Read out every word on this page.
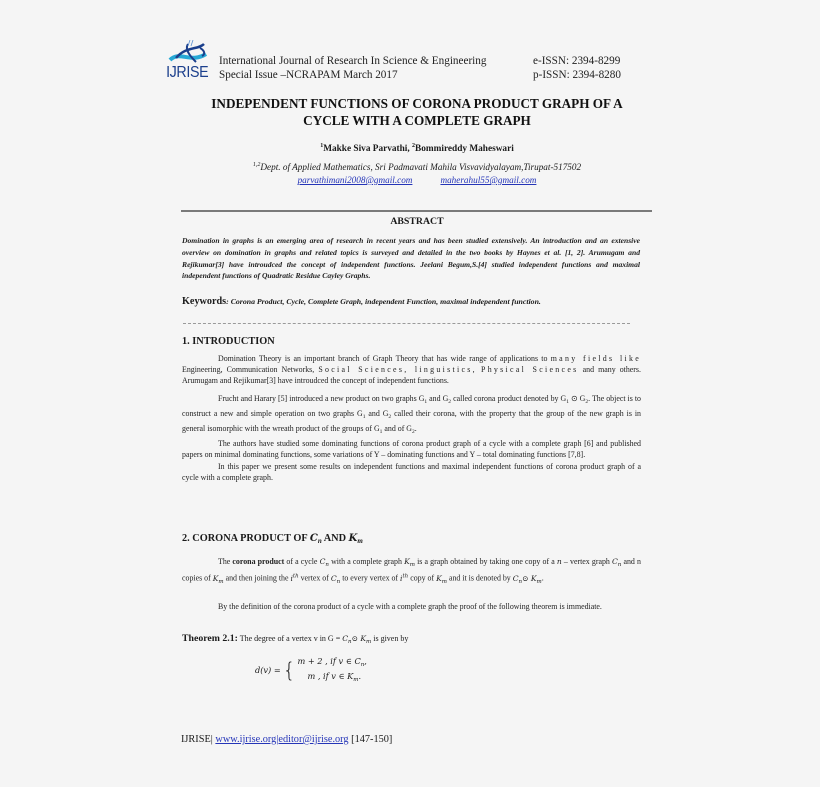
IJRISE
International Journal of Research In Science & Engineering
Special Issue –NCRAPAM March 2017
e-ISSN: 2394-8299
p-ISSN: 2394-8280
INDEPENDENT FUNCTIONS OF CORONA PRODUCT GRAPH OF A
CYCLE WITH A COMPLETE GRAPH
$^1$Makke Siva Parvathi, $^2$Bommireddy Maheswari
$^{1,2}$Dept. of Applied Mathematics, Sri Padmavati Mahila Visvavidyalayam,Tirupat-517502
parvathimani2008@gmail.com	maherahul55@gmail.com
ABSTRACT
Domination in graphs is an emerging area of research in recent years and has been studied extensively. An introduction and an extensive overview on domination in graphs and related topics is surveyed and detailed in the two books by Haynes et al. [1, 2]. Arumugam and Rejikumar[3] have introudced the concept of independent functions. Jeelani Begum,S.[4] studied independent functions and maximal independent functions of Quadratic Residue Cayley Graphs.
Keywords: Corona Product, Cycle, Complete Graph, independent Function, maximal independent function.
1. INTRODUCTION

Domination Theory is an important branch of Graph Theory that has wide range of applications to many fields like Engineering, Communication Networks, Social Sciences, linguistics, Physical Sciences and many others. Arumugam and Rejikumar[3] have introudced the concept of independent functions.

Frucht and Harary [5] introduced a new product on two graphs $G_1$ and $G_2$ called corona product denoted by $G_1$ ⊙ $G_2$. The object is to construct a new and simple operation on two graphs $G_1$ and $G_2$ called their corona, with the property that the group of the new graph is in general isomorphic with the wreath product of the groups of $G_1$ and of $G_2$.

The authors have studied some dominating functions of corona product graph of a cycle with a complete graph [6] and published papers on minimal dominating functions, some variations of Y – dominating functions and Y – total dominating functions [7,8].

In this paper we present some results on independent functions and maximal independent functions of corona product graph of a cycle with a complete graph.

2. CORONA PRODUCT OF $C_n$ AND $K_m$

The corona product of a cycle $C_n$ with a complete graph $K_m$ is a graph obtained by taking one copy of a n – vertex graph $C_n$ and n copies of $K_m$ and then joining the $i^{th}$ vertex of $C_n$ to every vertex of $i^{th}$ copy of $K_m$ and it is denoted by $C_n⊙$ $K_m$.

By the definition of the corona product of a cycle with a complete graph the proof of the following theorem is immediate.

Theorem 2.1: The degree of a vertex v in $G = C_n⊙$ $K_m$ is given by
d(v) = { m + 2 , if v ∈ $C_n$,
m , if v ∈ $K_m$.
IJRISE| www.ijrise.org|editor@ijrise.org [147-150]
